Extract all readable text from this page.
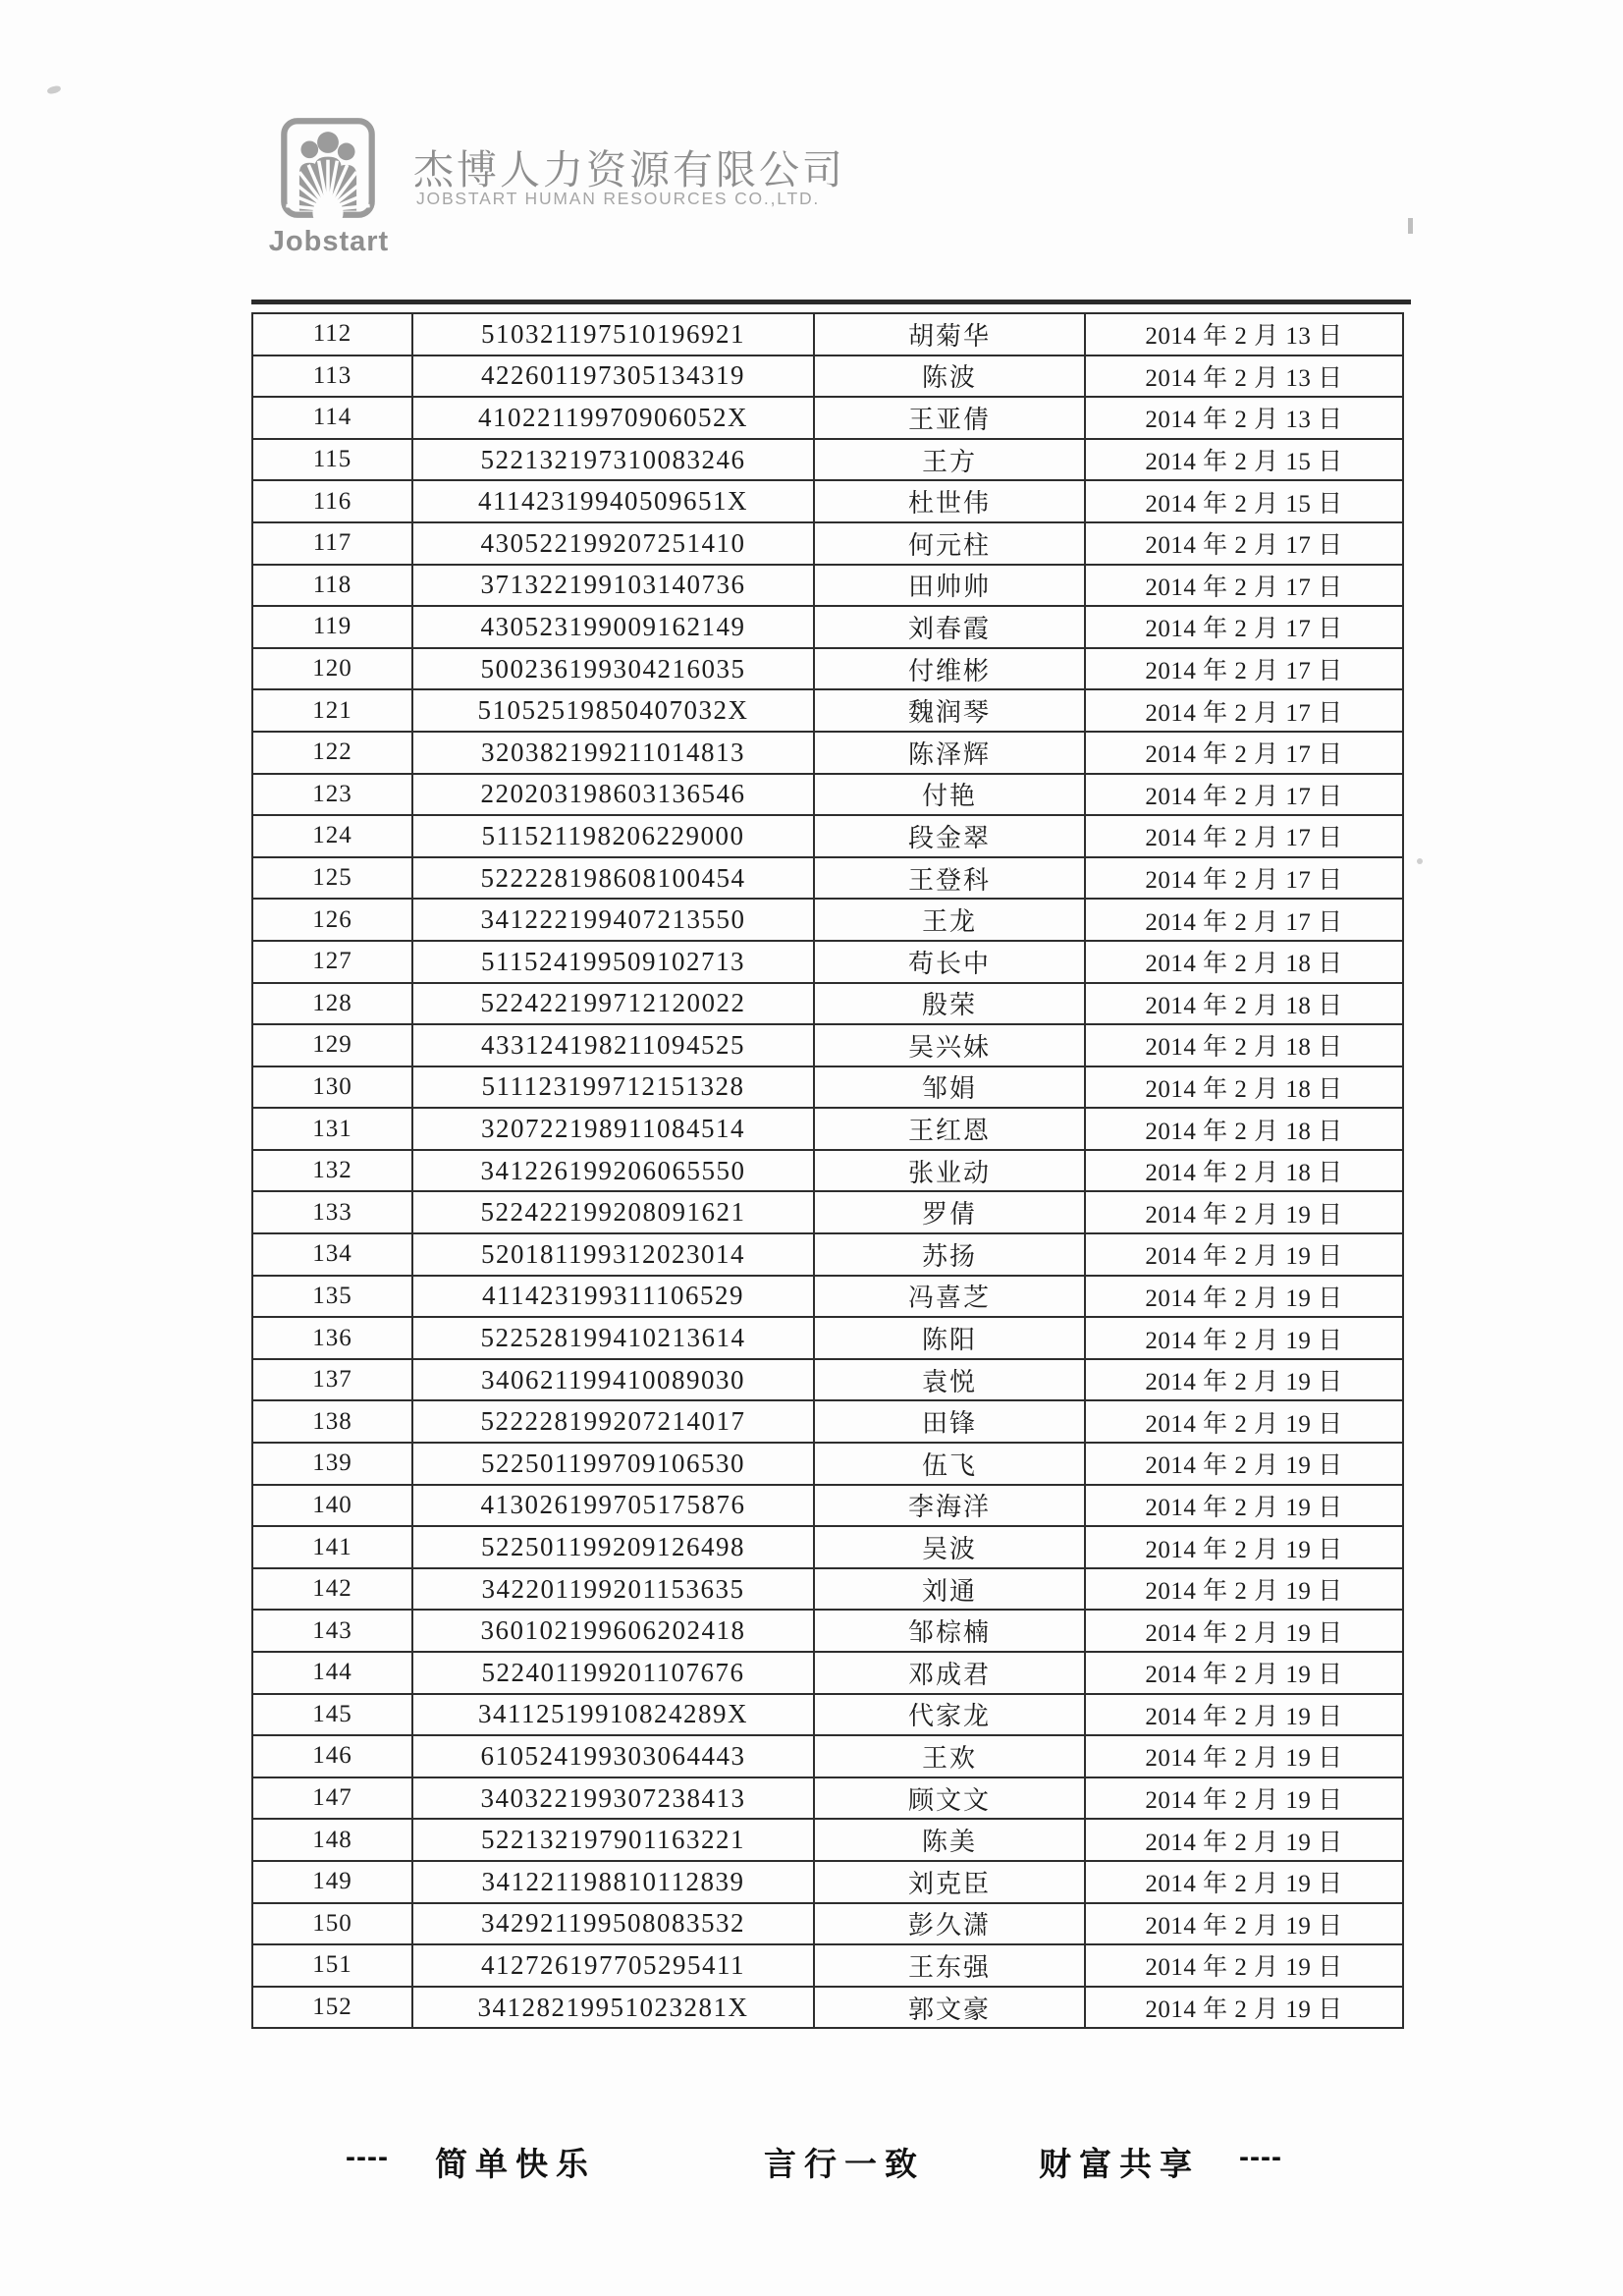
Jobstart
杰博人力资源有限公司
JOBSTART HUMAN RESOURCES CO.,LTD.
112	510321197510196921	胡菊华	2014 年 2 月 13 日
113	422601197305134319	陈波	2014 年 2 月 13 日
114	41022119970906052X	王亚倩	2014 年 2 月 13 日
115	522132197310083246	王方	2014 年 2 月 15 日
116	41142319940509651X	杜世伟	2014 年 2 月 15 日
117	430522199207251410	何元柱	2014 年 2 月 17 日
118	371322199103140736	田帅帅	2014 年 2 月 17 日
119	430523199009162149	刘春霞	2014 年 2 月 17 日
120	500236199304216035	付维彬	2014 年 2 月 17 日
121	51052519850407032X	魏润琴	2014 年 2 月 17 日
122	320382199211014813	陈泽辉	2014 年 2 月 17 日
123	220203198603136546	付艳	2014 年 2 月 17 日
124	511521198206229000	段金翠	2014 年 2 月 17 日
125	522228198608100454	王登科	2014 年 2 月 17 日
126	341222199407213550	王龙	2014 年 2 月 17 日
127	511524199509102713	苟长中	2014 年 2 月 18 日
128	522422199712120022	殷荣	2014 年 2 月 18 日
129	433124198211094525	吴兴妹	2014 年 2 月 18 日
130	511123199712151328	邹娟	2014 年 2 月 18 日
131	320722198911084514	王红恩	2014 年 2 月 18 日
132	341226199206065550	张业动	2014 年 2 月 18 日
133	522422199208091621	罗倩	2014 年 2 月 19 日
134	520181199312023014	苏扬	2014 年 2 月 19 日
135	411423199311106529	冯喜芝	2014 年 2 月 19 日
136	522528199410213614	陈阳	2014 年 2 月 19 日
137	340621199410089030	袁悦	2014 年 2 月 19 日
138	522228199207214017	田锋	2014 年 2 月 19 日
139	522501199709106530	伍飞	2014 年 2 月 19 日
140	413026199705175876	李海洋	2014 年 2 月 19 日
141	522501199209126498	吴波	2014 年 2 月 19 日
142	342201199201153635	刘通	2014 年 2 月 19 日
143	360102199606202418	邹棕楠	2014 年 2 月 19 日
144	522401199201107676	邓成君	2014 年 2 月 19 日
145	34112519910824289X	代家龙	2014 年 2 月 19 日
146	610524199303064443	王欢	2014 年 2 月 19 日
147	340322199307238413	顾文文	2014 年 2 月 19 日
148	522132197901163221	陈美	2014 年 2 月 19 日
149	341221198810112839	刘克臣	2014 年 2 月 19 日
150	342921199508083532	彭久潇	2014 年 2 月 19 日
151	412726197705295411	王东强	2014 年 2 月 19 日
152	34128219951023281X	郭文豪	2014 年 2 月 19 日
---- 简单快乐	言行一致	财富共享 ----
